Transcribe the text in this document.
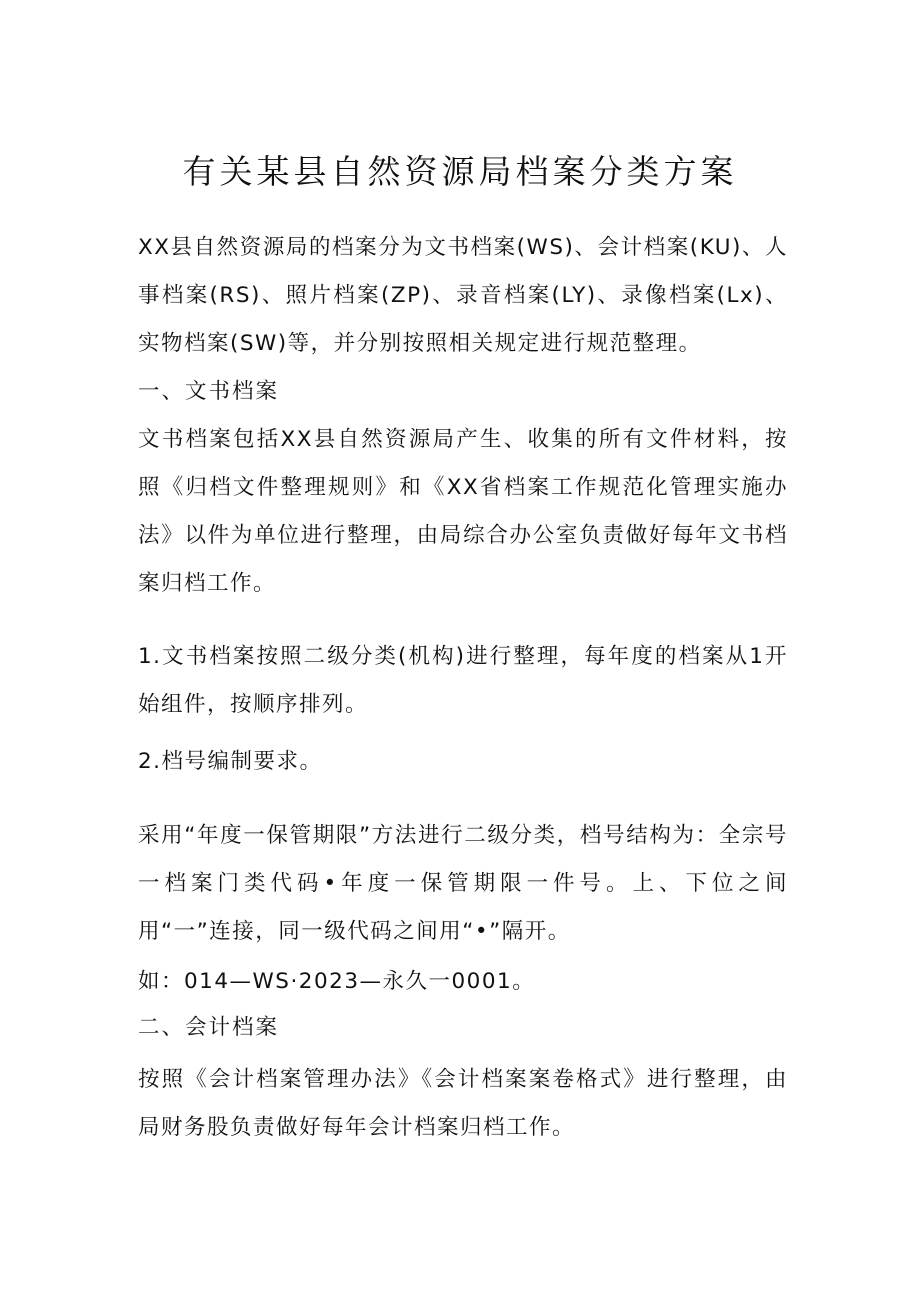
有关某县自然资源局档案分类方案

XX县自然资源局的档案分为文书档案(WS)、会计档案(KU)、人事档案(RS)、照片档案(ZP)、录音档案(LY)、录像档案(Lx)、实物档案(SW)等，并分别按照相关规定进行规范整理。

一、文书档案

文书档案包括XX县自然资源局产生、收集的所有文件材料，按照《归档文件整理规则》和《XX省档案工作规范化管理实施办法》以件为单位进行整理，由局综合办公室负责做好每年文书档案归档工作。

1.文书档案按照二级分类(机构)进行整理，每年度的档案从1开始组件，按顺序排列。

2.档号编制要求。

采用“年度一保管期限”方法进行二级分类，档号结构为：全宗号一档案门类代码•年度一保管期限一件号。上、下位之间用“一”连接，同一级代码之间用“•”隔开。

如：014—WS·2023—永久一0001。

二、会计档案

按照《会计档案管理办法》《会计档案案卷格式》进行整理，由局财务股负责做好每年会计档案归档工作。
